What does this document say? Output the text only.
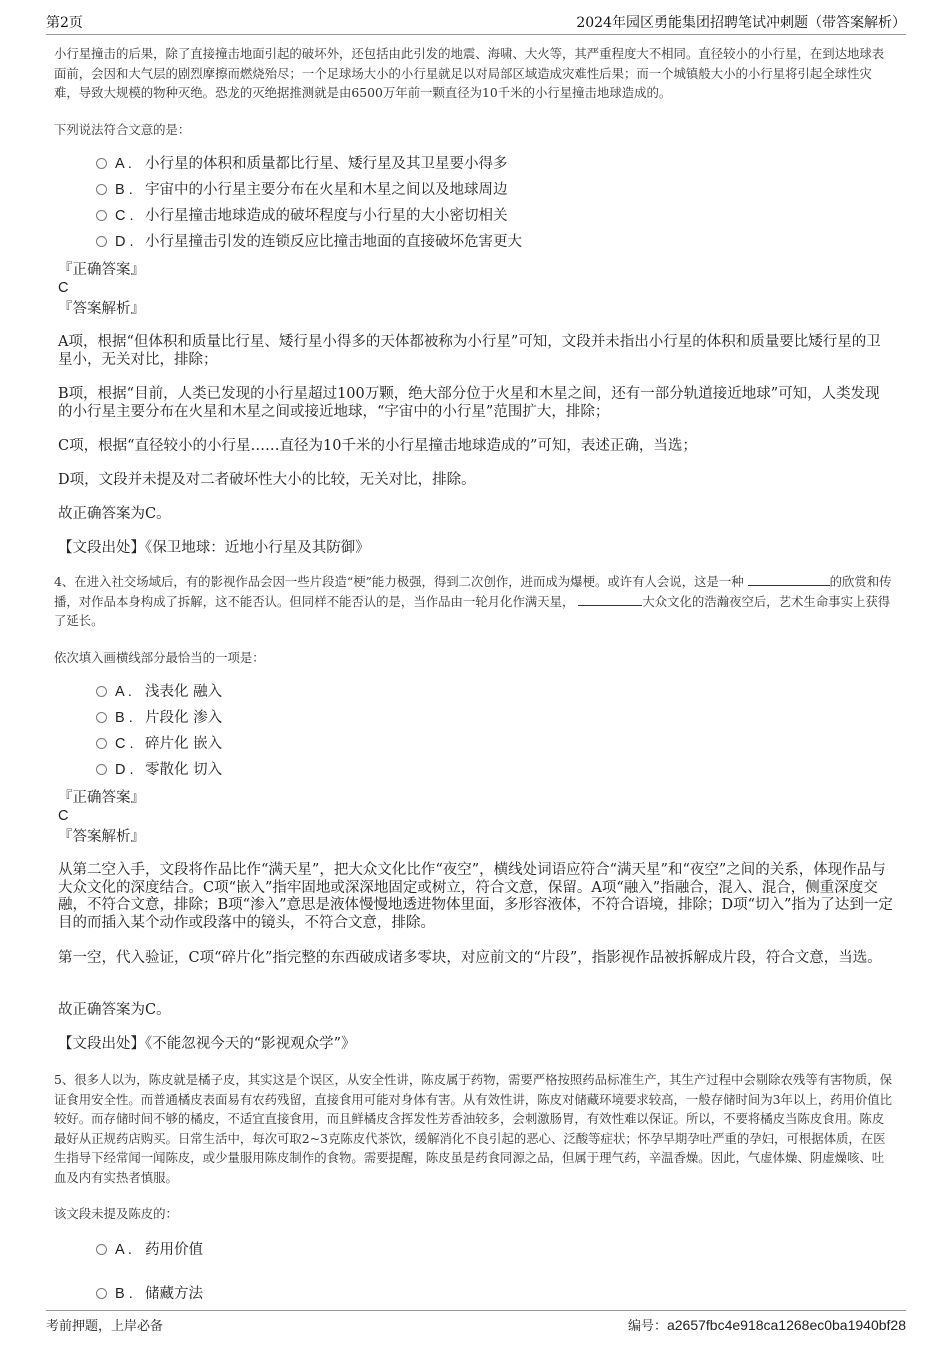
第2页	2024年园区勇能集团招聘笔试冲刺题（带答案解析）
小行星撞击的后果，除了直接撞击地面引起的破坏外，还包括由此引发的地震、海啸、大火等，其严重程度大不相同。直径较小的小行星，在到达地球表面前，会因和大气层的剧烈摩擦而燃烧殆尽；一个足球场大小的小行星就足以对局部区域造成灾难性后果；而一个城镇般大小的小行星将引起全球性灾难，导致大规模的物种灭绝。恐龙的灭绝据推测就是由6500万年前一颗直径为10千米的小行星撞击地球造成的。
下列说法符合文意的是：
A . 小行星的体积和质量都比行星、矮行星及其卫星要小得多
B . 宇宙中的小行星主要分布在火星和木星之间以及地球周边
C . 小行星撞击地球造成的破坏程度与小行星的大小密切相关
D . 小行星撞击引发的连锁反应比撞击地面的直接破坏危害更大
『正确答案』
C
『答案解析』
A项，根据“但体积和质量比行星、矮行星小得多的天体都被称为小行星”可知，文段并未指出小行星的体积和质量要比矮行星的卫星小，无关对比，排除；
B项，根据“目前，人类已发现的小行星超过100万颗，绝大部分位于火星和木星之间，还有一部分轨道接近地球”可知，人类发现的小行星主要分布在火星和木星之间或接近地球，“宇宙中的小行星”范围扩大，排除；
C项，根据“直径较小的小行星……直径为10千米的小行星撞击地球造成的”可知，表述正确，当选；
D项，文段并未提及对二者破坏性大小的比较，无关对比，排除。
故正确答案为C。
【文段出处】《保卫地球：近地小行星及其防御》
4、在进入社交场域后，有的影视作品会因一些片段造“梗”能力极强，得到二次创作，进而成为爆梗。或许有人会说，这是一种	的欣赏和传播，对作品本身构成了拆解，这不能否认。但同样不能否认的是，当作品由一轮月化作满天星，	大众文化的浩瀚夜空后，艺术生命事实上获得了延长。
依次填入画横线部分最恰当的一项是：
A . 浅表化 融入
B . 片段化 渗入
C . 碎片化 嵌入
D . 零散化 切入
『正确答案』
C
『答案解析』
从第二空入手，文段将作品比作“满天星”，把大众文化比作“夜空”，横线处词语应符合“满天星”和“夜空”之间的关系，体现作品与大众文化的深度结合。C项“嵌入”指牢固地或深深地固定或树立，符合文意，保留。A项“融入”指融合，混入、混合，侧重深度交融，不符合文意，排除；B项“渗入”意思是液体慢慢地透进物体里面，多形容液体，不符合语境，排除；D项“切入”指为了达到一定目的而插入某个动作或段落中的镜头，不符合文意，排除。
第一空，代入验证，C项“碎片化”指完整的东西破成诸多零块，对应前文的“片段”，指影视作品被拆解成片段，符合文意，当选。
故正确答案为C。
【文段出处】《不能忽视今天的“影视观众学”》
5、很多人以为，陈皮就是橘子皮，其实这是个误区，从安全性讲，陈皮属于药物，需要严格按照药品标准生产，其生产过程中会剔除农残等有害物质，保证食用安全性。而普通橘皮表面易有农药残留，直接食用可能对身体有害。从有效性讲，陈皮对储藏环境要求较高，一般存储时间为3年以上，药用价值比较好。而存储时间不够的橘皮，不适宜直接食用，而且鲜橘皮含挥发性芳香油较多，会刺激肠胃，有效性难以保证。所以，不要将橘皮当陈皮食用。陈皮最好从正规药店购买。日常生活中，每次可取2~3克陈皮代茶饮，缓解消化不良引起的恶心、泛酸等症状；怀孕早期孕吐严重的孕妇，可根据体质，在医生指导下经常闻一闻陈皮，或少量服用陈皮制作的食物。需要提醒，陈皮虽是药食同源之品，但属于理气药，辛温香燥。因此，气虚体燥、阴虚燥咳、吐血及内有实热者慎服。
该文段未提及陈皮的：
A . 药用价值
B . 储藏方法
考前押题，上岸必备	编号：a2657fbc4e918ca1268ec0ba1940bf28
